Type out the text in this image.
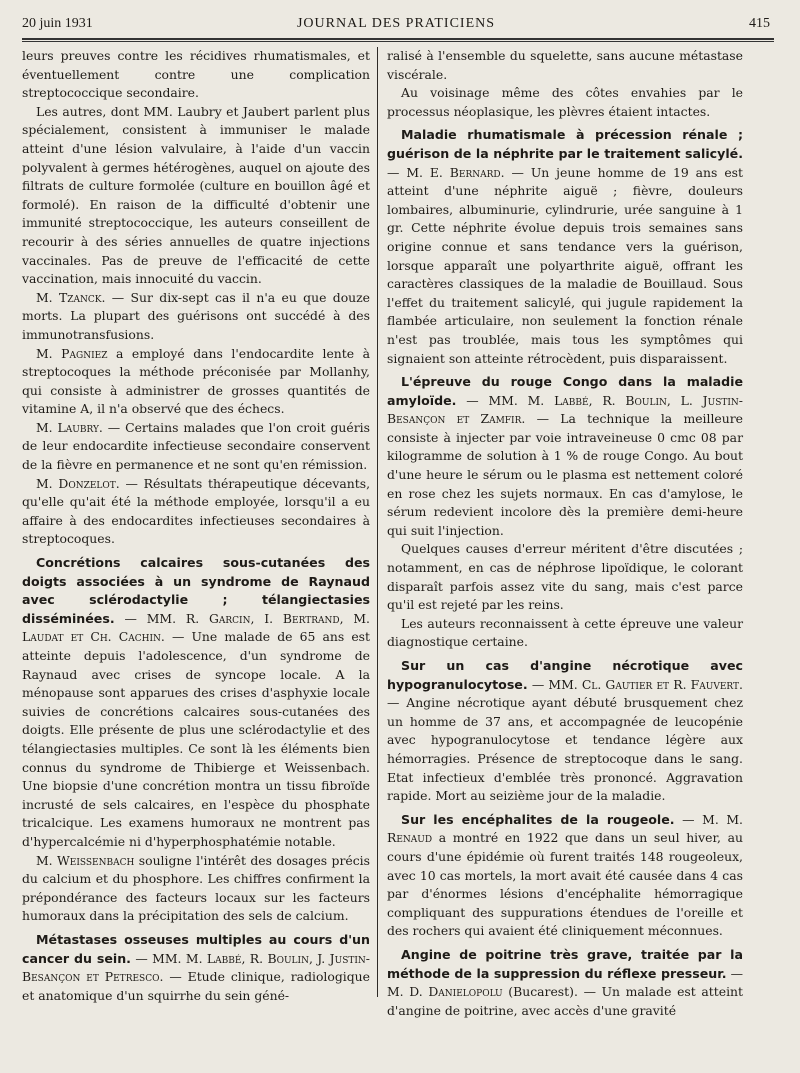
20 juin 1931	JOURNAL DES PRATICIENS	415

leurs preuves contre les récidives rhumatismales, et éventuellement contre une complication streptococcique secondaire.

Les autres, dont MM. Laubry et Jaubert parlent plus spécialement, consistent à immuniser le malade atteint d'une lésion valvulaire, à l'aide d'un vaccin polyvalent à germes hétérogènes, auquel on ajoute des filtrats de culture formolée (culture en bouillon âgé et formolé). En raison de la difficulté d'obtenir une immunité streptococcique, les auteurs conseillent de recourir à des séries annuelles de quatre injections vaccinales. Pas de preuve de l'efficacité de cette vaccination, mais innocuité du vaccin.

M. Tzanck. — Sur dix-sept cas il n'a eu que douze morts. La plupart des guérisons ont succédé à des immunotransfusions.

M. Pagniez a employé dans l'endocardite lente à streptocoques la méthode préconisée par Mollanhy, qui consiste à administrer de grosses quantités de vitamine A, il n'a observé que des échecs.

M. Laubry. — Certains malades que l'on croit guéris de leur endocardite infectieuse secondaire conservent de la fièvre en permanence et ne sont qu'en rémission.

M. Donzelot. — Résultats thérapeutique décevants, qu'elle qu'ait été la méthode employée, lorsqu'il a eu affaire à des endocardites infectieuses secondaires à streptocoques.

Concrétions calcaires sous-cutanées des doigts associées à un syndrome de Raynaud avec sclérodactylie ; télangiectasies disséminées. — MM. R. Garcin, I. Bertrand, M. Laudat et Ch. Cachin. — Une malade de 65 ans est atteinte depuis l'adolescence, d'un syndrome de Raynaud avec crises de syncope locale. A la ménopause sont apparues des crises d'asphyxie locale suivies de concrétions calcaires sous-cutanées des doigts. Elle présente de plus une sclérodactylie et des télangiectasies multiples. Ce sont là les éléments bien connus du syndrome de Thibierge et Weissenbach. Une biopsie d'une concrétion montra un tissu fibroïde incrusté de sels calcaires, en l'espèce du phosphate tricalcique. Les examens humoraux ne montrent pas d'hypercalcémie ni d'hyperphosphatémie notable.

M. Weissenbach souligne l'intérêt des dosages précis du calcium et du phosphore. Les chiffres confirment la prépondérance des facteurs locaux sur les facteurs humoraux dans la précipitation des sels de calcium.

Métastases osseuses multiples au cours d'un cancer du sein. — MM. M. Labbé, R. Boulin, J. Justin-Besançon et Petresco. — Etude clinique, radiologique et anatomique d'un squirrhe du sein géné-

ralisé à l'ensemble du squelette, sans aucune métastase viscérale.

Au voisinage même des côtes envahies par le processus néoplasique, les plèvres étaient intactes.

Maladie rhumatismale à précession rénale ; guérison de la néphrite par le traitement salicylé. — M. E. Bernard. — Un jeune homme de 19 ans est atteint d'une néphrite aiguë ; fièvre, douleurs lombaires, albuminurie, cylindrurie, urée sanguine à 1 gr. Cette néphrite évolue depuis trois semaines sans origine connue et sans tendance vers la guérison, lorsque apparaît une polyarthrite aiguë, offrant les caractères classiques de la maladie de Bouillaud. Sous l'effet du traitement salicylé, qui jugule rapidement la flambée articulaire, non seulement la fonction rénale n'est pas troublée, mais tous les symptômes qui signaient son atteinte rétrocèdent, puis disparaissent.

L'épreuve du rouge Congo dans la maladie amyloïde. — MM. M. Labbé, R. Boulin, L. Justin-Besançon et Zamfir. — La technique la meilleure consiste à injecter par voie intraveineuse 0 cmc 08 par kilogramme de solution à 1 % de rouge Congo. Au bout d'une heure le sérum ou le plasma est nettement coloré en rose chez les sujets normaux. En cas d'amylose, le sérum redevient incolore dès la première demi-heure qui suit l'injection.

Quelques causes d'erreur méritent d'être discutées ; notamment, en cas de néphrose lipoïdique, le colorant disparaît parfois assez vite du sang, mais c'est parce qu'il est rejeté par les reins.

Les auteurs reconnaissent à cette épreuve une valeur diagnostique certaine.

Sur un cas d'angine nécrotique avec hypogranulocytose. — MM. Cl. Gautier et R. Fauvert. — Angine nécrotique ayant débuté brusquement chez un homme de 37 ans, et accompagnée de leucopénie avec hypogranulocytose et tendance légère aux hémorragies. Présence de streptocoque dans le sang. Etat infectieux d'emblée très prononcé. Aggravation rapide. Mort au seizième jour de la maladie.

Sur les encéphalites de la rougeole. — M. M. Renaud a montré en 1922 que dans un seul hiver, au cours d'une épidémie où furent traités 148 rougeoleux, avec 10 cas mortels, la mort avait été causée dans 4 cas par d'énormes lésions d'encéphalite hémorragique compliquant des suppurations étendues de l'oreille et des rochers qui avaient été cliniquement méconnues.

Angine de poitrine très grave, traitée par la méthode de la suppression du réflexe presseur. — M. D. Danielopolu (Bucarest). — Un malade est atteint d'angine de poitrine, avec accès d'une gravité
